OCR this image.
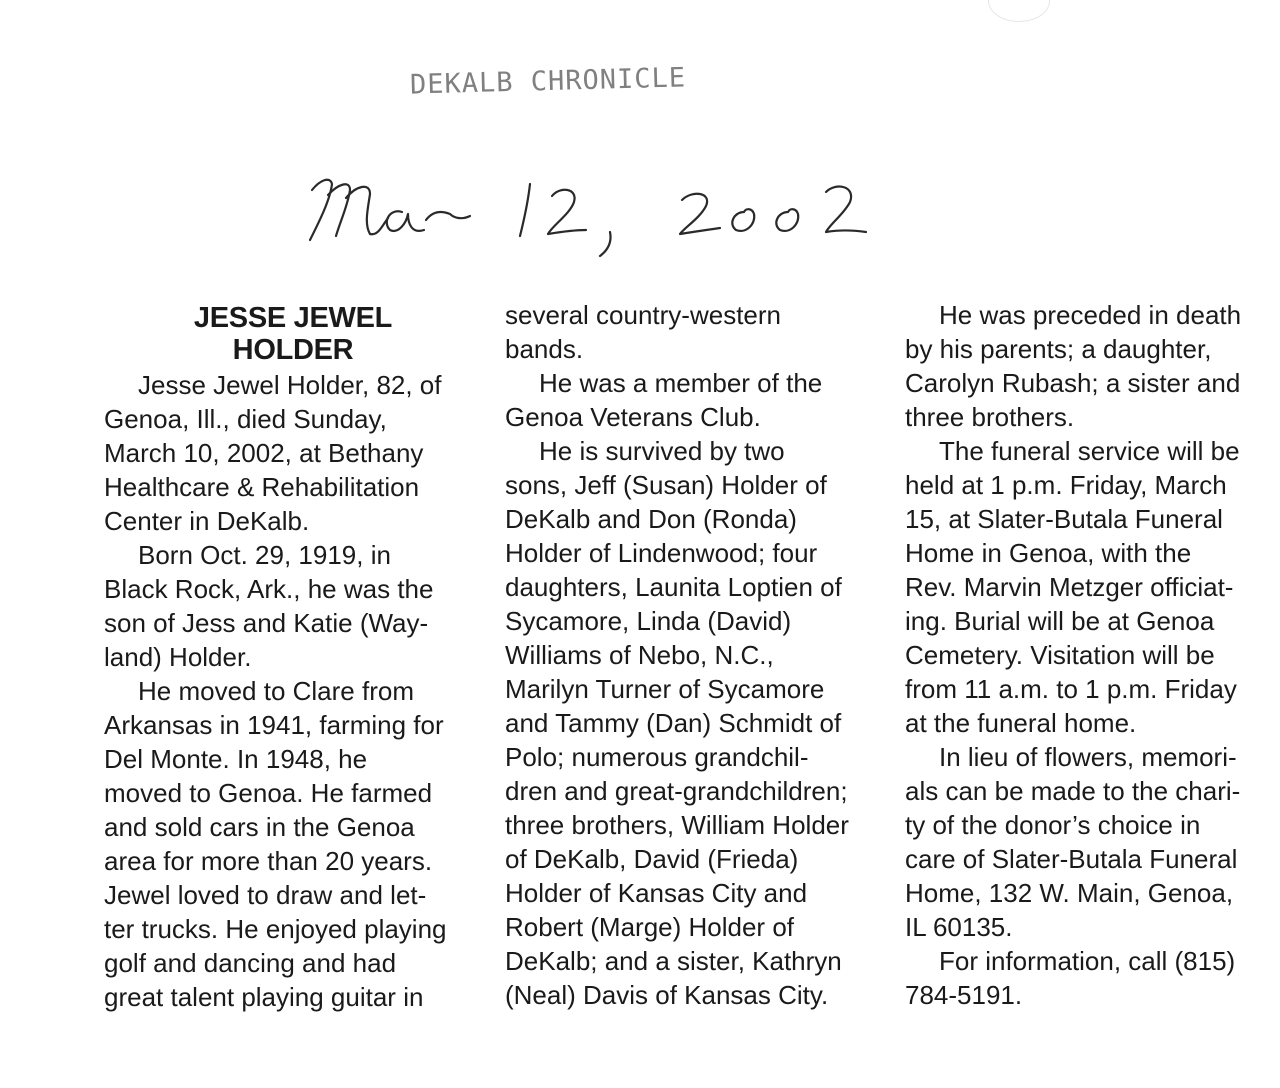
DEKALB CHRONICLE
JESSE JEWEL
HOLDER
Jesse Jewel Holder, 82, of
Genoa, Ill., died Sunday,
March 10, 2002, at Bethany
Healthcare & Rehabilitation
Center in DeKalb.
Born Oct. 29, 1919, in
Black Rock, Ark., he was the
son of Jess and Katie (Way-
land) Holder.
He moved to Clare from
Arkansas in 1941, farming for
Del Monte. In 1948, he
moved to Genoa. He farmed
and sold cars in the Genoa
area for more than 20 years.
Jewel loved to draw and let-
ter trucks. He enjoyed playing
golf and dancing and had
great talent playing guitar in
several country-western
bands.
He was a member of the
Genoa Veterans Club.
He is survived by two
sons, Jeff (Susan) Holder of
DeKalb and Don (Ronda)
Holder of Lindenwood; four
daughters, Launita Loptien of
Sycamore, Linda (David)
Williams of Nebo, N.C.,
Marilyn Turner of Sycamore
and Tammy (Dan) Schmidt of
Polo; numerous grandchil-
dren and great-grandchildren;
three brothers, William Holder
of DeKalb, David (Frieda)
Holder of Kansas City and
Robert (Marge) Holder of
DeKalb; and a sister, Kathryn
(Neal) Davis of Kansas City.
He was preceded in death
by his parents; a daughter,
Carolyn Rubash; a sister and
three brothers.
The funeral service will be
held at 1 p.m. Friday, March
15, at Slater-Butala Funeral
Home in Genoa, with the
Rev. Marvin Metzger officiat-
ing. Burial will be at Genoa
Cemetery. Visitation will be
from 11 a.m. to 1 p.m. Friday
at the funeral home.
In lieu of flowers, memori-
als can be made to the chari-
ty of the donor’s choice in
care of Slater-Butala Funeral
Home, 132 W. Main, Genoa,
IL 60135.
For information, call (815)
784-5191.
